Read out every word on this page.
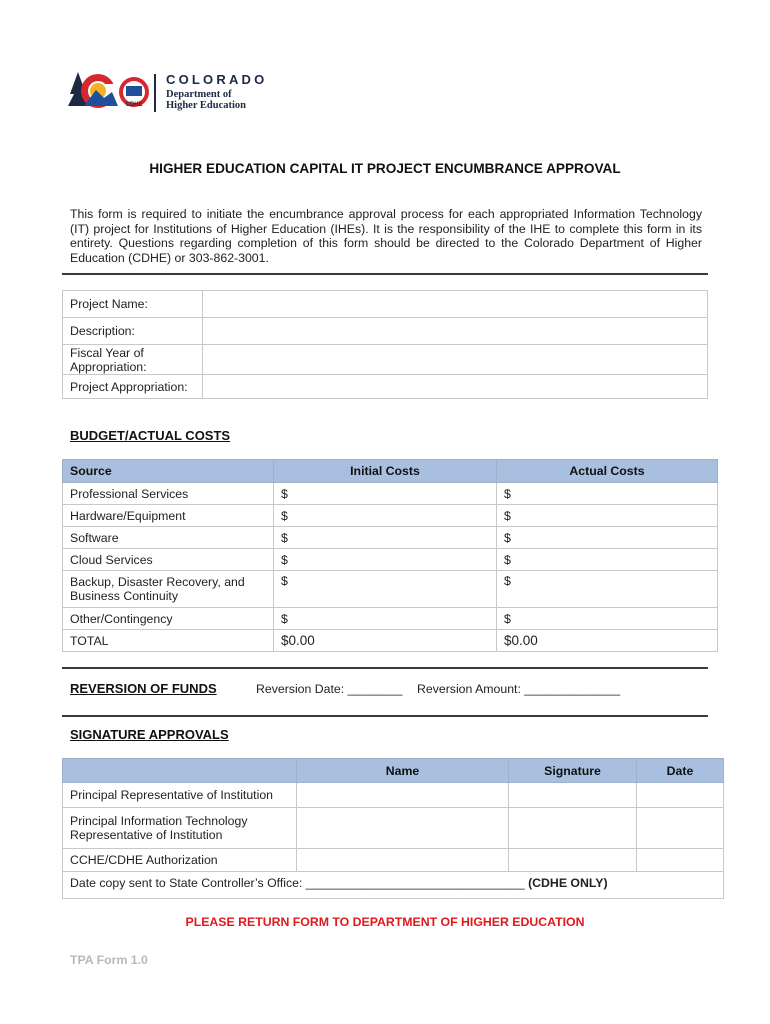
CDHE
COLORADO
Department of
Higher Education
HIGHER EDUCATION CAPITAL IT PROJECT ENCUMBRANCE APPROVAL
This form is required to initiate the encumbrance approval process for each appropriated Information Technology (IT) project for Institutions of Higher Education (IHEs). It is the responsibility of the IHE to complete this form in its entirety. Questions regarding completion of this form should be directed to the Colorado Department of Higher Education (CDHE) or 303-862-3001.
Project Name:	
Description:	

Fiscal Year of
Appropriation:	

Project Appropriation:	
BUDGET/ACTUAL COSTS
Source	Initial Costs	Actual Costs
Professional Services	$	$
Hardware/Equipment	$	$
Software	$	$
Cloud Services	$	$

Backup, Disaster Recovery, and
Business Continuity	$	$
Other/Contingency	$	$
TOTAL	$0.00	$0.00
REVERSION OF FUNDS	Reversion Date: ________ Reversion Amount: ______________
SIGNATURE APPROVALS
	Name	Signature	Date
Principal Representative of Institution			

Principal Information Technology
Representative of Institution			

CCHE/CDHE Authorization			
Date copy sent to State Controller’s Office: ________________________________ (CDHE ONLY)			
PLEASE RETURN FORM TO DEPARTMENT OF HIGHER EDUCATION
TPA Form 1.0
